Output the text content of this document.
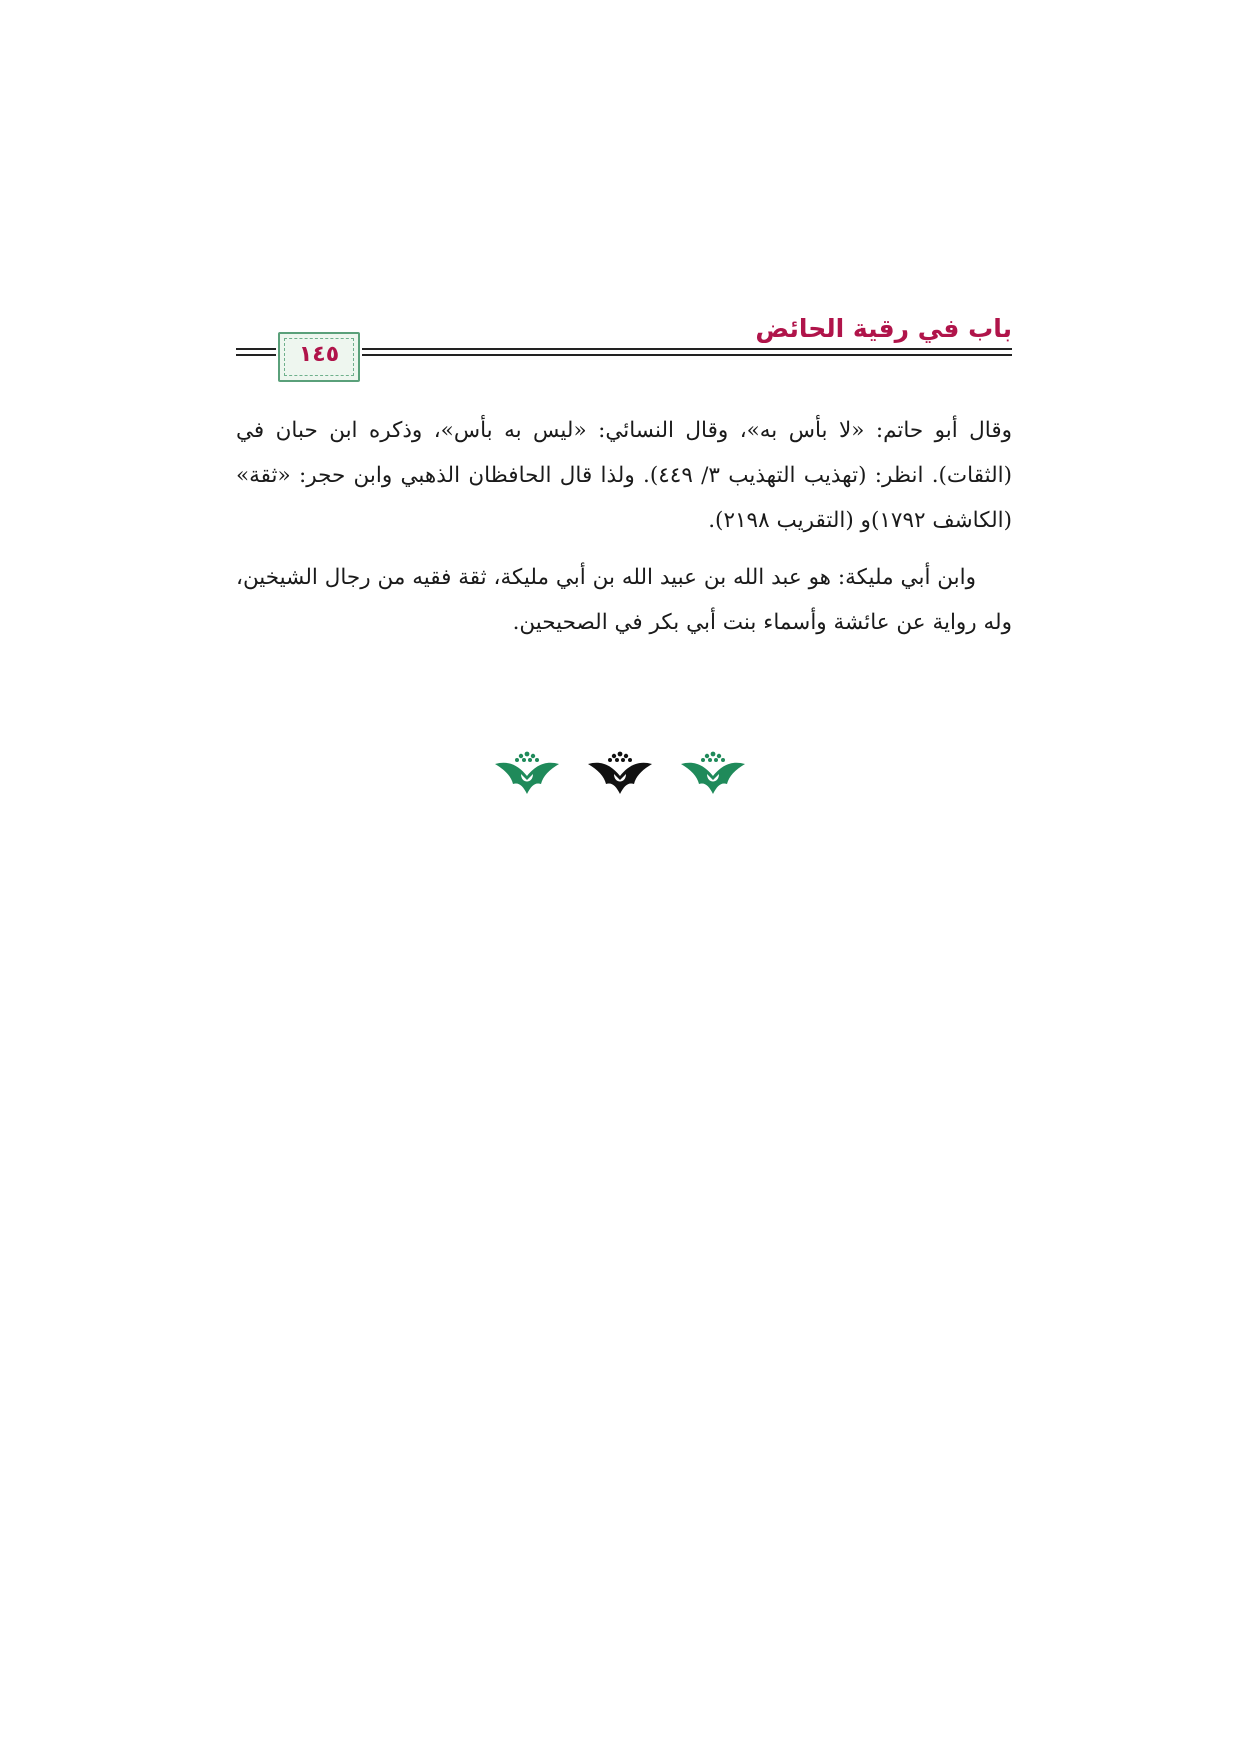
باب في رقية الحائض
١٤٥

وقال أبو حاتم: «لا بأس به»، وقال النسائي: «ليس به بأس»، وذكره ابن حبان في (الثقات). انظر: (تهذيب التهذيب ٣/ ٤٤٩). ولذا قال الحافظان الذهبي وابن حجر: «ثقة» (الكاشف ١٧٩٢)و (التقريب ٢١٩٨).

وابن أبي مليكة: هو عبد الله بن عبيد الله بن أبي مليكة، ثقة فقيه من رجال الشيخين، وله رواية عن عائشة وأسماء بنت أبي بكر في الصحيحين.
